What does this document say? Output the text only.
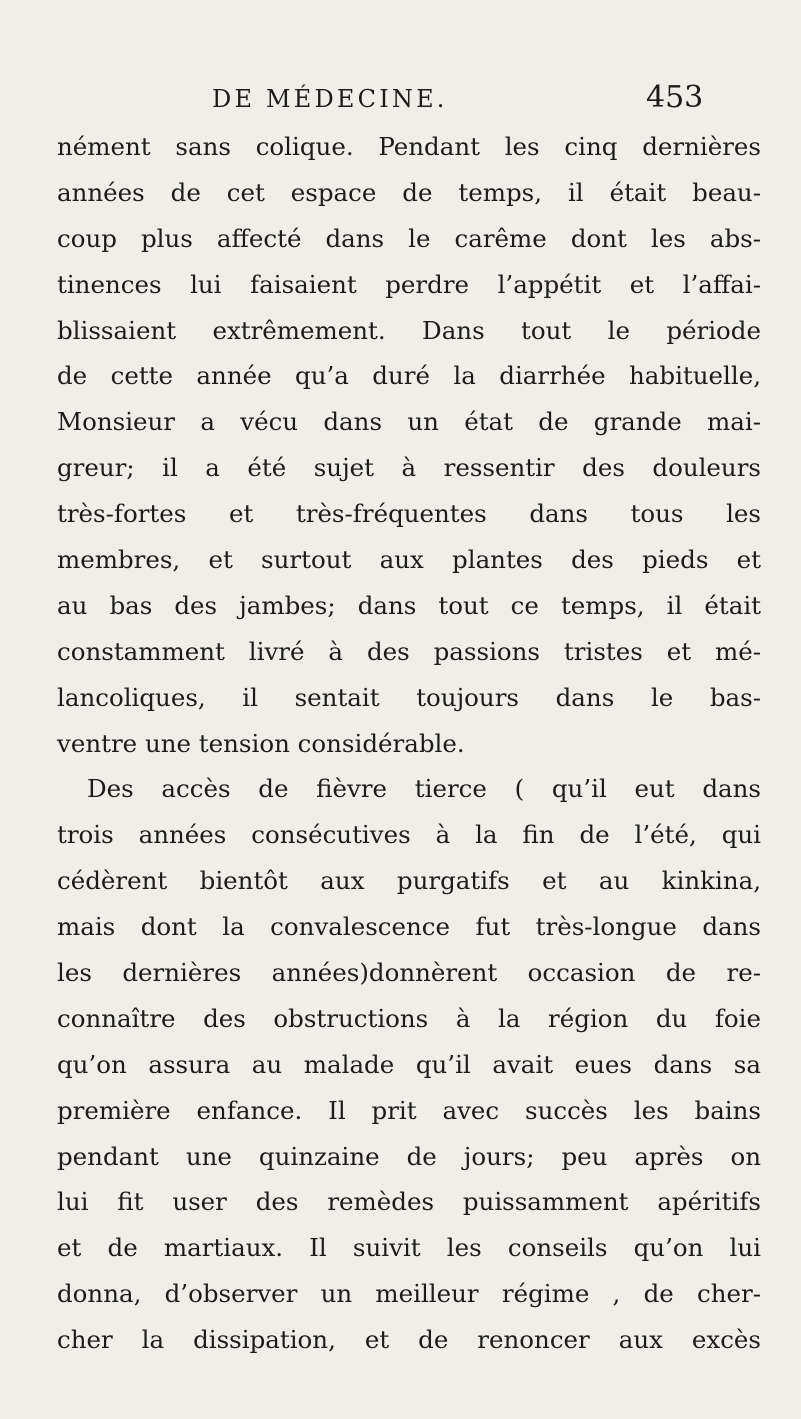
DE MÉDECINE.	453
nément sans colique. Pendant les cinq dernières
années de cet espace de temps, il était beau-
coup plus affecté dans le carême dont les abs-
tinences lui faisaient perdre l’appétit et l’affai-
blissaient extrêmement. Dans tout le période
de cette année qu’a duré la diarrhée habituelle,
Monsieur a vécu dans un état de grande mai-
greur; il a été sujet à ressentir des douleurs
très-fortes et très-fréquentes dans tous les
membres, et surtout aux plantes des pieds et
au bas des jambes; dans tout ce temps, il était
constamment livré à des passions tristes et mé-
lancoliques, il sentait toujours dans le bas-
ventre une tension considérable.
Des accès de fièvre tierce ( qu’il eut dans
trois années consécutives à la fin de l’été, qui
cédèrent bientôt aux purgatifs et au kinkina,
mais dont la convalescence fut très-longue dans
les dernières années)donnèrent occasion de re-
connaître des obstructions à la région du foie
qu’on assura au malade qu’il avait eues dans sa
première enfance. Il prit avec succès les bains
pendant une quinzaine de jours; peu après on
lui fit user des remèdes puissamment apéritifs
et de martiaux. Il suivit les conseils qu’on lui
donna, d’observer un meilleur régime , de cher-
cher la dissipation, et de renoncer aux excès
